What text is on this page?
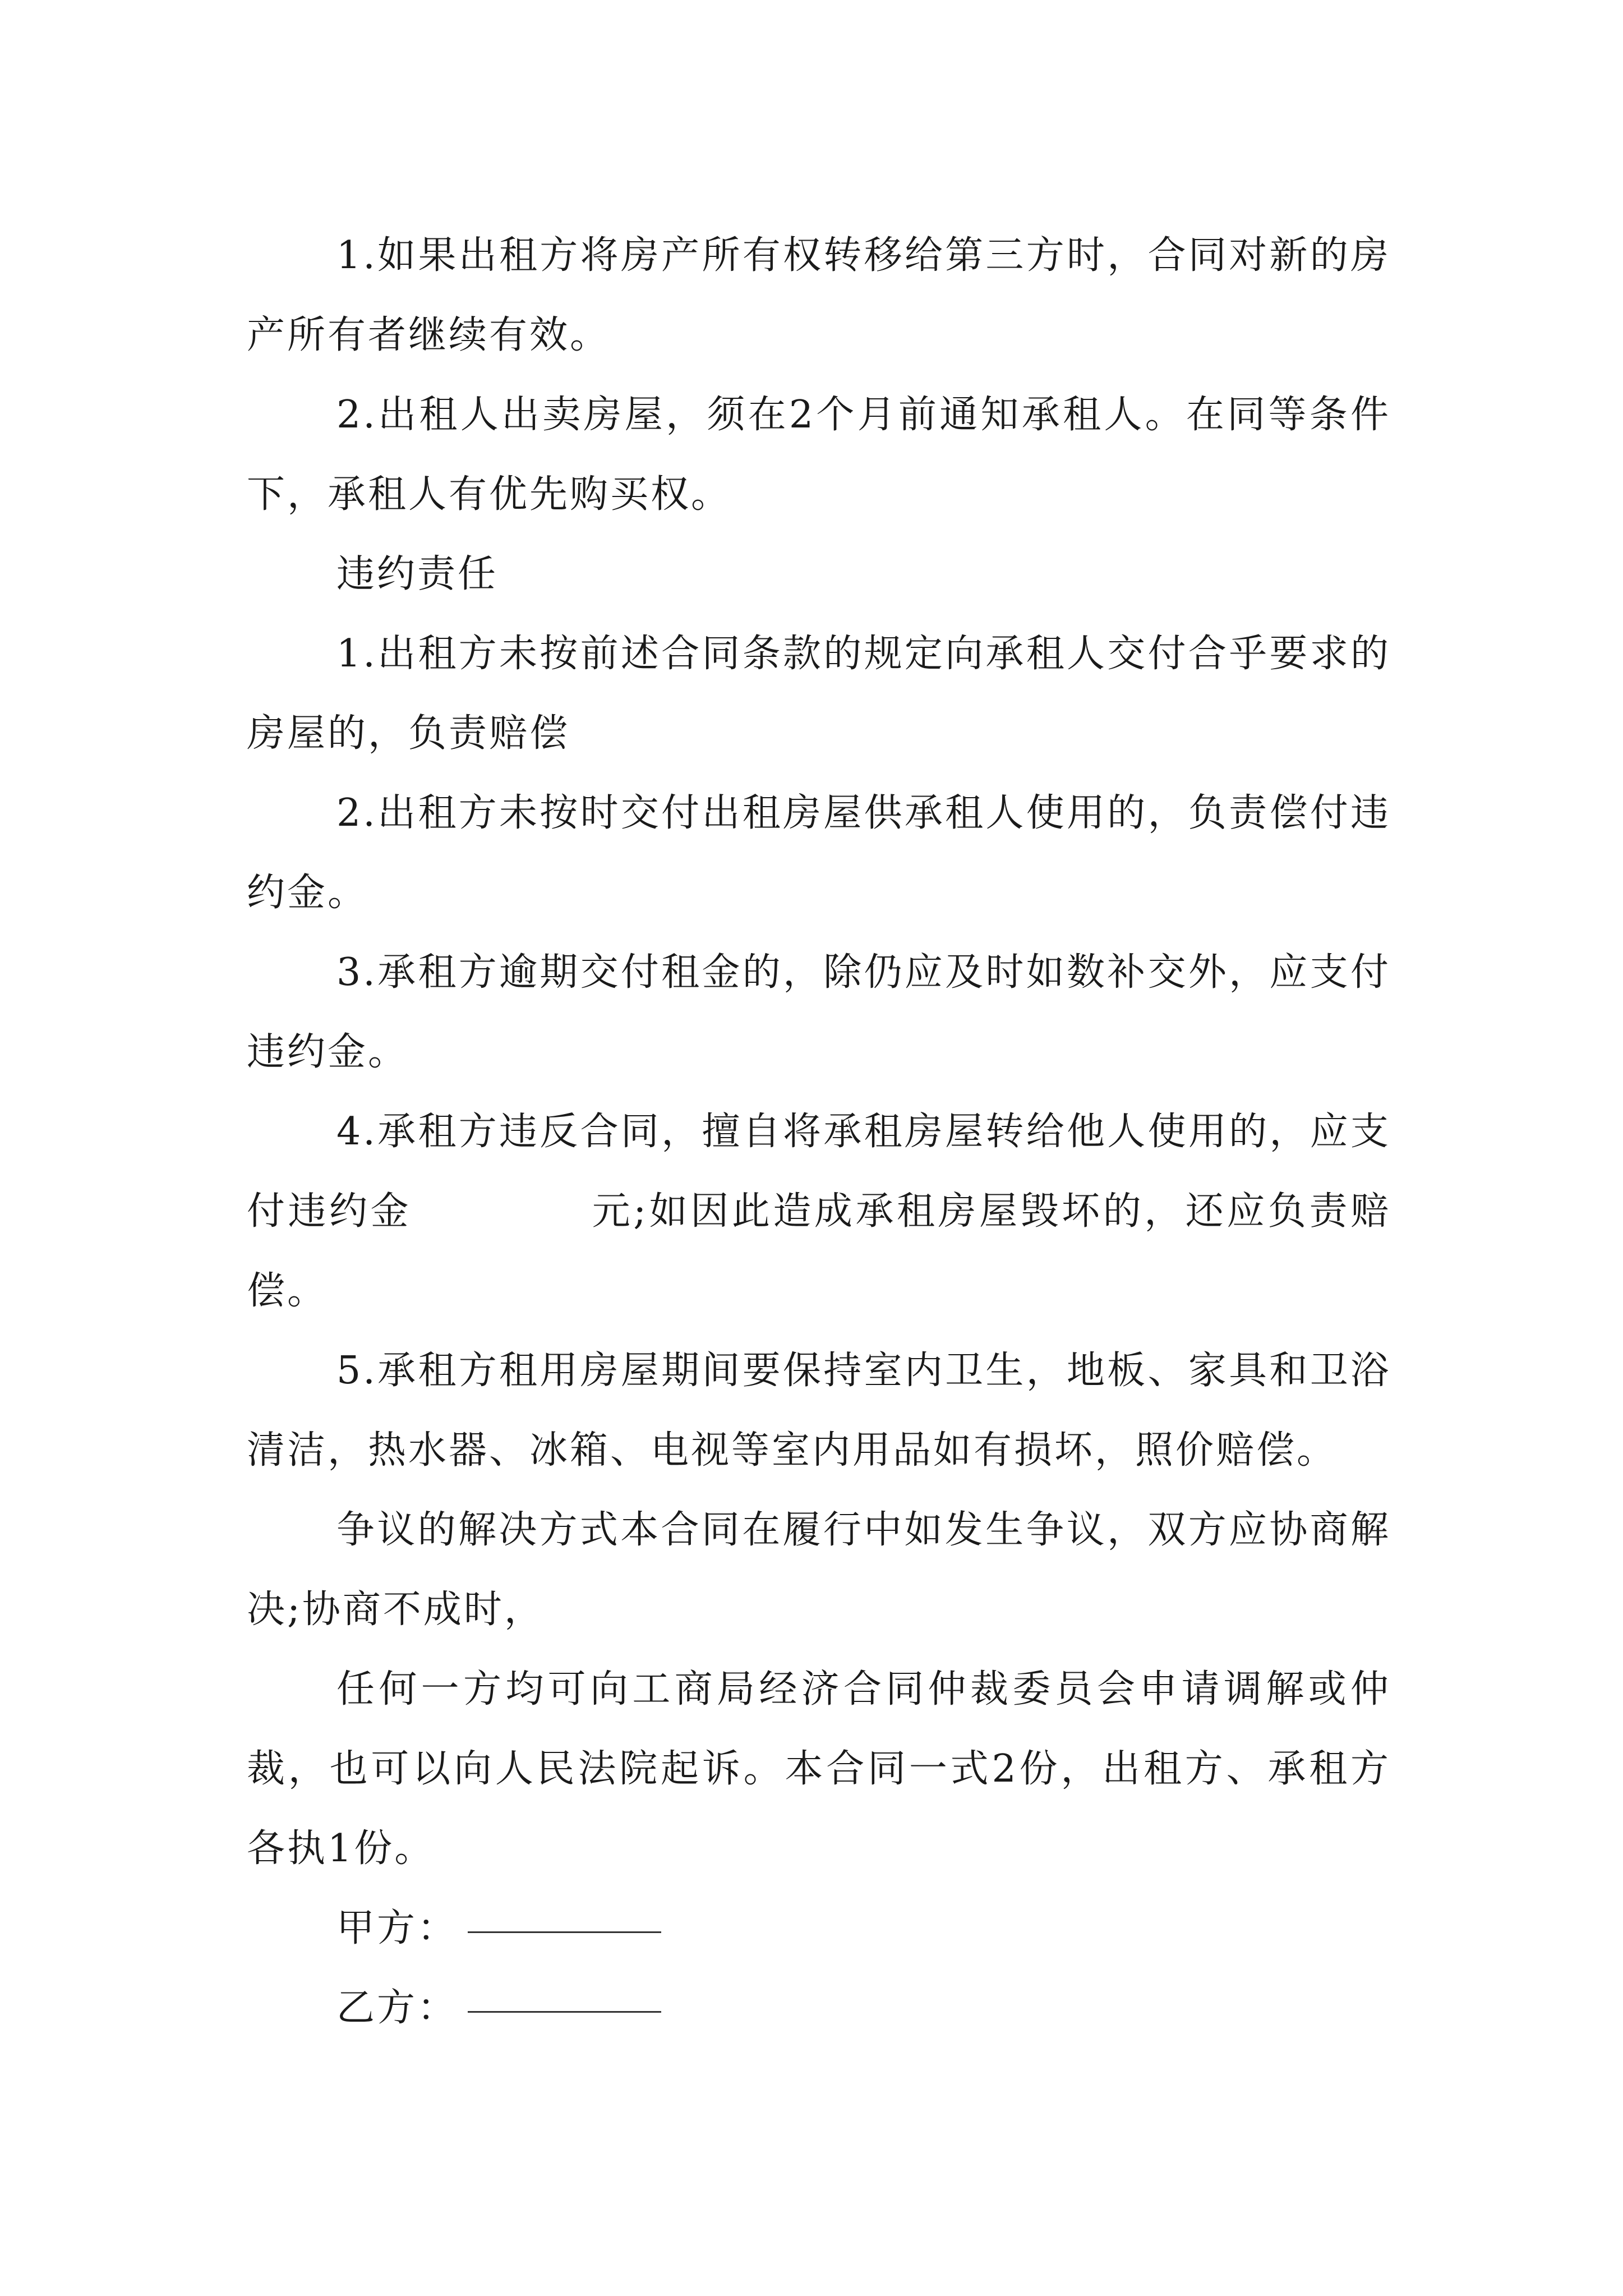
1.如果出租方将房产所有权转移给第三方时，合同对新的房产所有者继续有效。

2.出租人出卖房屋，须在2个月前通知承租人。在同等条件下，承租人有优先购买权。

违约责任

1.出租方未按前述合同条款的规定向承租人交付合乎要求的房屋的，负责赔偿

2.出租方未按时交付出租房屋供承租人使用的，负责偿付违约金。

3.承租方逾期交付租金的，除仍应及时如数补交外，应支付违约金。

4.承租方违反合同，擅自将承租房屋转给他人使用的，应支付违约金	元;如因此造成承租房屋毁坏的，还应负责赔偿。

5.承租方租用房屋期间要保持室内卫生，地板、家具和卫浴清洁，热水器、冰箱、电视等室内用品如有损坏，照价赔偿。

争议的解决方式本合同在履行中如发生争议，双方应协商解决;协商不成时，

任何一方均可向工商局经济合同仲裁委员会申请调解或仲裁，也可以向人民法院起诉。本合同一式2份，出租方、承租方各执1份。

甲方：
乙方：
